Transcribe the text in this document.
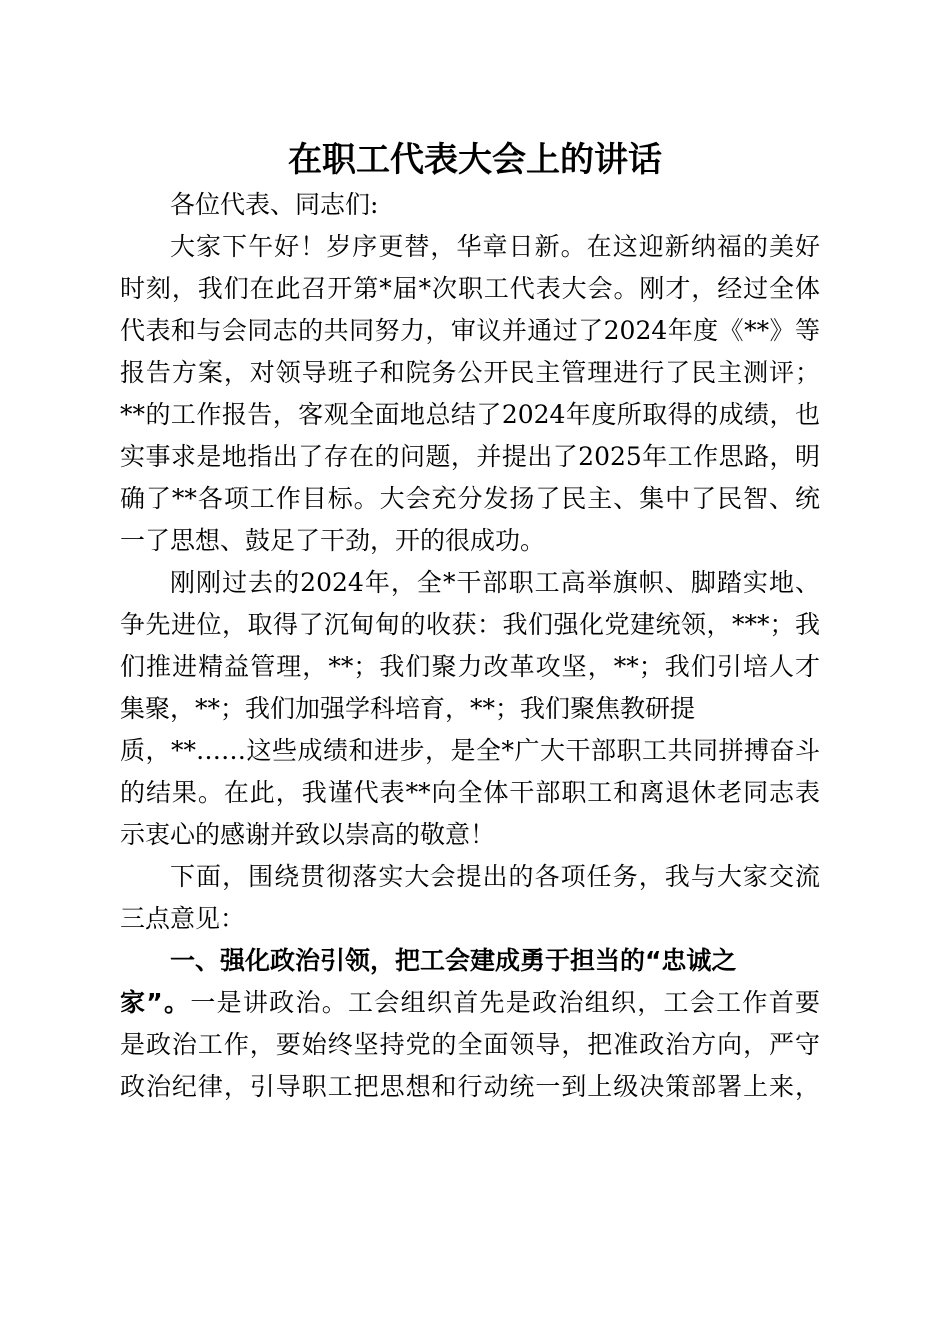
在职工代表大会上的讲话
各位代表、同志们:
大家下午好！岁序更替，华章日新。在这迎新纳福的美好
时刻，我们在此召开第*届*次职工代表大会。刚才，经过全体
代表和与会同志的共同努力，审议并通过了2024年度《**》等
报告方案，对领导班子和院务公开民主管理进行了民主测评；
**的工作报告，客观全面地总结了2024年度所取得的成绩，也
实事求是地指出了存在的问题，并提出了2025年工作思路，明
确了**各项工作目标。大会充分发扬了民主、集中了民智、统
一了思想、鼓足了干劲，开的很成功。
刚刚过去的2024年，全*干部职工高举旗帜、脚踏实地、
争先进位，取得了沉甸甸的收获：我们强化党建统领，***；我
们推进精益管理，**；我们聚力改革攻坚，**；我们引培人才
集聚，**；我们加强学科培育，**；我们聚焦教研提
质，**……这些成绩和进步，是全*广大干部职工共同拼搏奋斗
的结果。在此，我谨代表**向全体干部职工和离退休老同志表
示衷心的感谢并致以崇高的敬意！
下面，围绕贯彻落实大会提出的各项任务，我与大家交流
三点意见：
一、强化政治引领，把工会建成勇于担当的“忠诚之
家”。一是讲政治。工会组织首先是政治组织，工会工作首要
是政治工作，要始终坚持党的全面领导，把准政治方向，严守
政治纪律，引导职工把思想和行动统一到上级决策部署上来，
